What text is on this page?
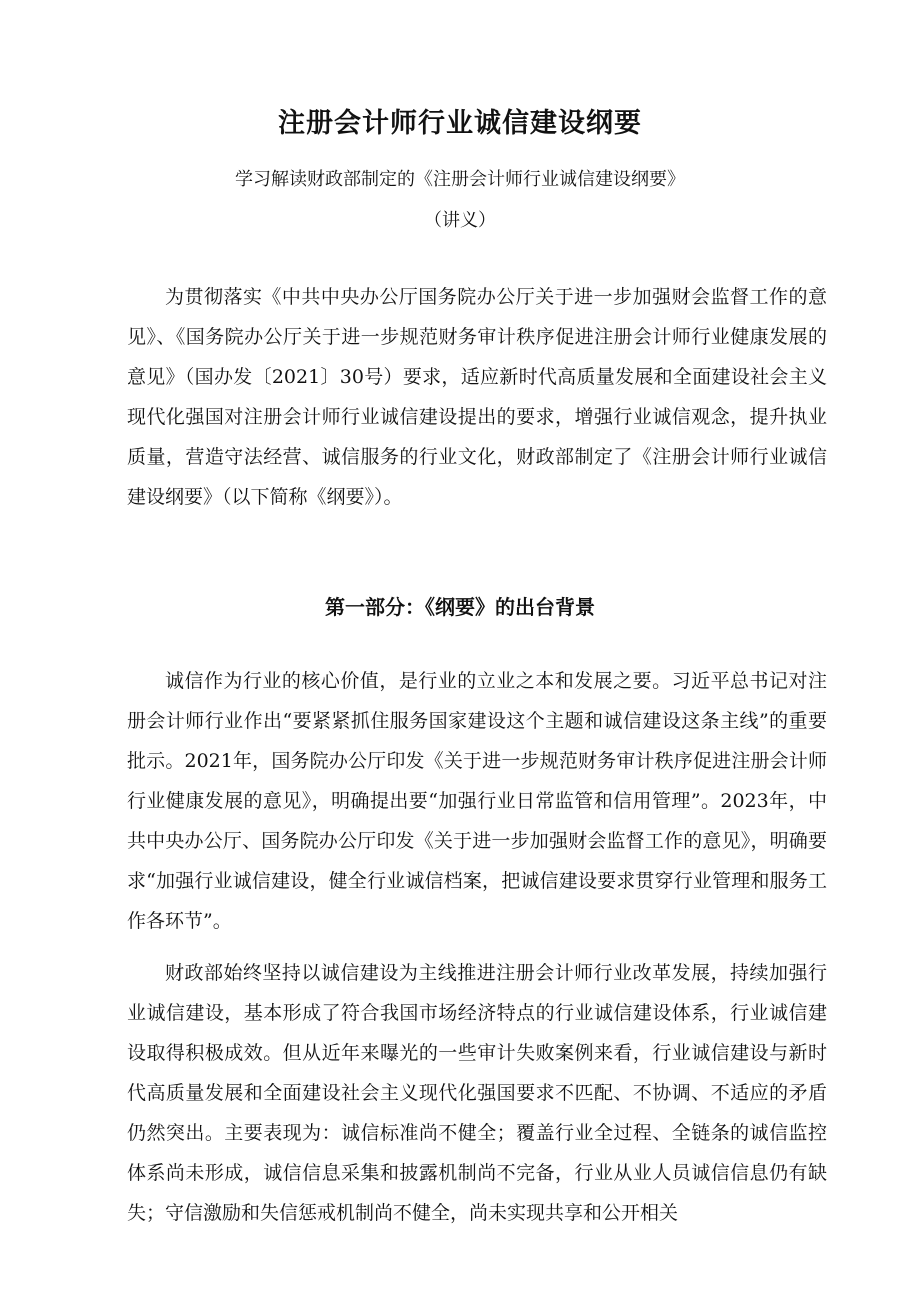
注册会计师行业诚信建设纲要
学习解读财政部制定的《注册会计师行业诚信建设纲要》
（讲义）

为贯彻落实《中共中央办公厅国务院办公厅关于进一步加强财会监督工作的意见》、《国务院办公厅关于进一步规范财务审计秩序促进注册会计师行业健康发展的意见》（国办发〔2021〕30号）要求，适应新时代高质量发展和全面建设社会主义现代化强国对注册会计师行业诚信建设提出的要求，增强行业诚信观念，提升执业质量，营造守法经营、诚信服务的行业文化，财政部制定了《注册会计师行业诚信建设纲要》（以下简称《纲要》）。

第一部分：《纲要》的出台背景

诚信作为行业的核心价值，是行业的立业之本和发展之要。习近平总书记对注册会计师行业作出“要紧紧抓住服务国家建设这个主题和诚信建设这条主线”的重要批示。2021年，国务院办公厅印发《关于进一步规范财务审计秩序促进注册会计师行业健康发展的意见》，明确提出要“加强行业日常监管和信用管理”。2023年，中共中央办公厅、国务院办公厅印发《关于进一步加强财会监督工作的意见》，明确要求“加强行业诚信建设，健全行业诚信档案，把诚信建设要求贯穿行业管理和服务工作各环节”。

财政部始终坚持以诚信建设为主线推进注册会计师行业改革发展，持续加强行业诚信建设，基本形成了符合我国市场经济特点的行业诚信建设体系，行业诚信建设取得积极成效。但从近年来曝光的一些审计失败案例来看，行业诚信建设与新时代高质量发展和全面建设社会主义现代化强国要求不匹配、不协调、不适应的矛盾仍然突出。主要表现为：诚信标准尚不健全；覆盖行业全过程、全链条的诚信监控体系尚未形成，诚信信息采集和披露机制尚不完备，行业从业人员诚信信息仍有缺失；守信激励和失信惩戒机制尚不健全，尚未实现共享和公开相关
